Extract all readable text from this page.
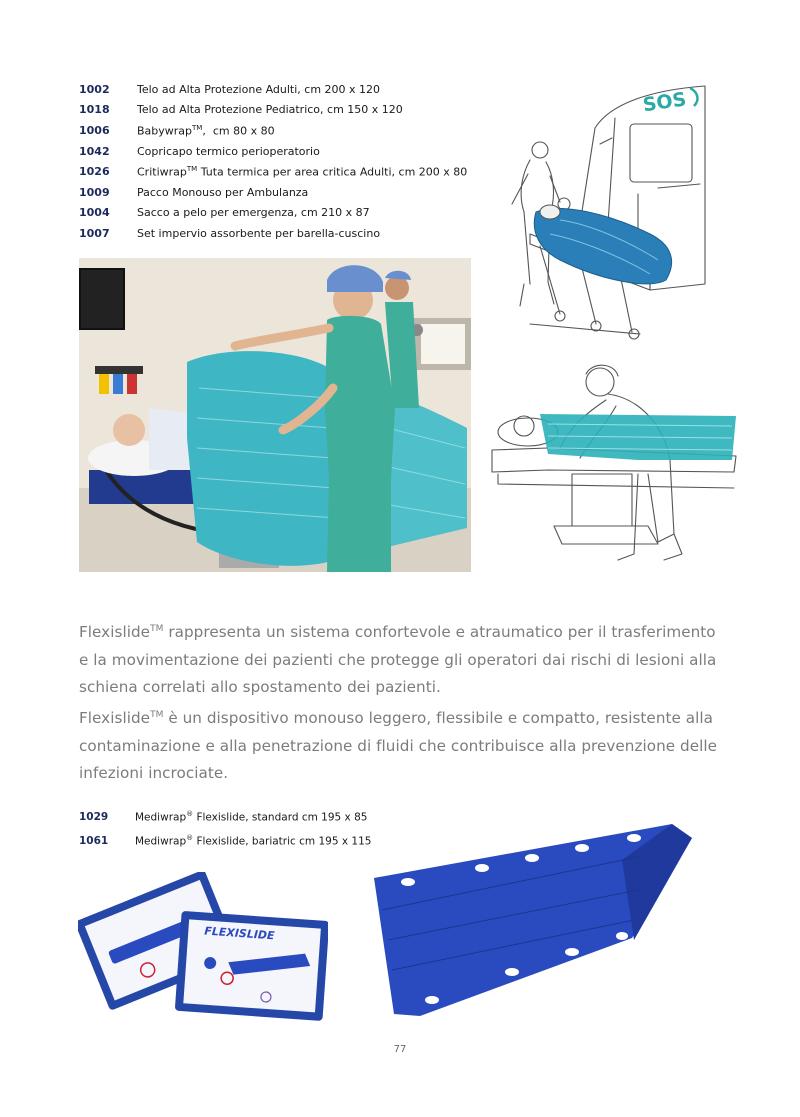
1002	Telo ad Alta Protezione Adulti, cm 200 x 120
1018	Telo ad Alta Protezione Pediatrico, cm 150 x 120
1006	Babywrap™,  cm 80 x 80
1042	Copricapo termico perioperatorio
1026	Critiwrap™ Tuta termica per area critica Adulti, cm 200 x 80
1009	Pacco Monouso per Ambulanza
1004	Sacco a pelo per emergenza, cm 210 x 87
1007	Set impervio assorbente per barella-cuscino
SOS

Flexislide™ rappresenta un sistema confortevole e atraumatico per il trasferimento e la movimentazione dei pazienti che protegge gli operatori dai rischi di lesioni alla schiena correlati allo spostamento dei pazienti.

Flexislide™ è un dispositivo monouso leggero, flessibile e compatto, resistente alla contaminazione e alla penetrazione di fluidi che contribuisce alla prevenzione delle infezioni incrociate.

1029	Mediwrap® Flexislide, standard cm 195 x 85
1061	Mediwrap® Flexislide, bariatric cm 195 x 115
FLEXISLIDE
77
